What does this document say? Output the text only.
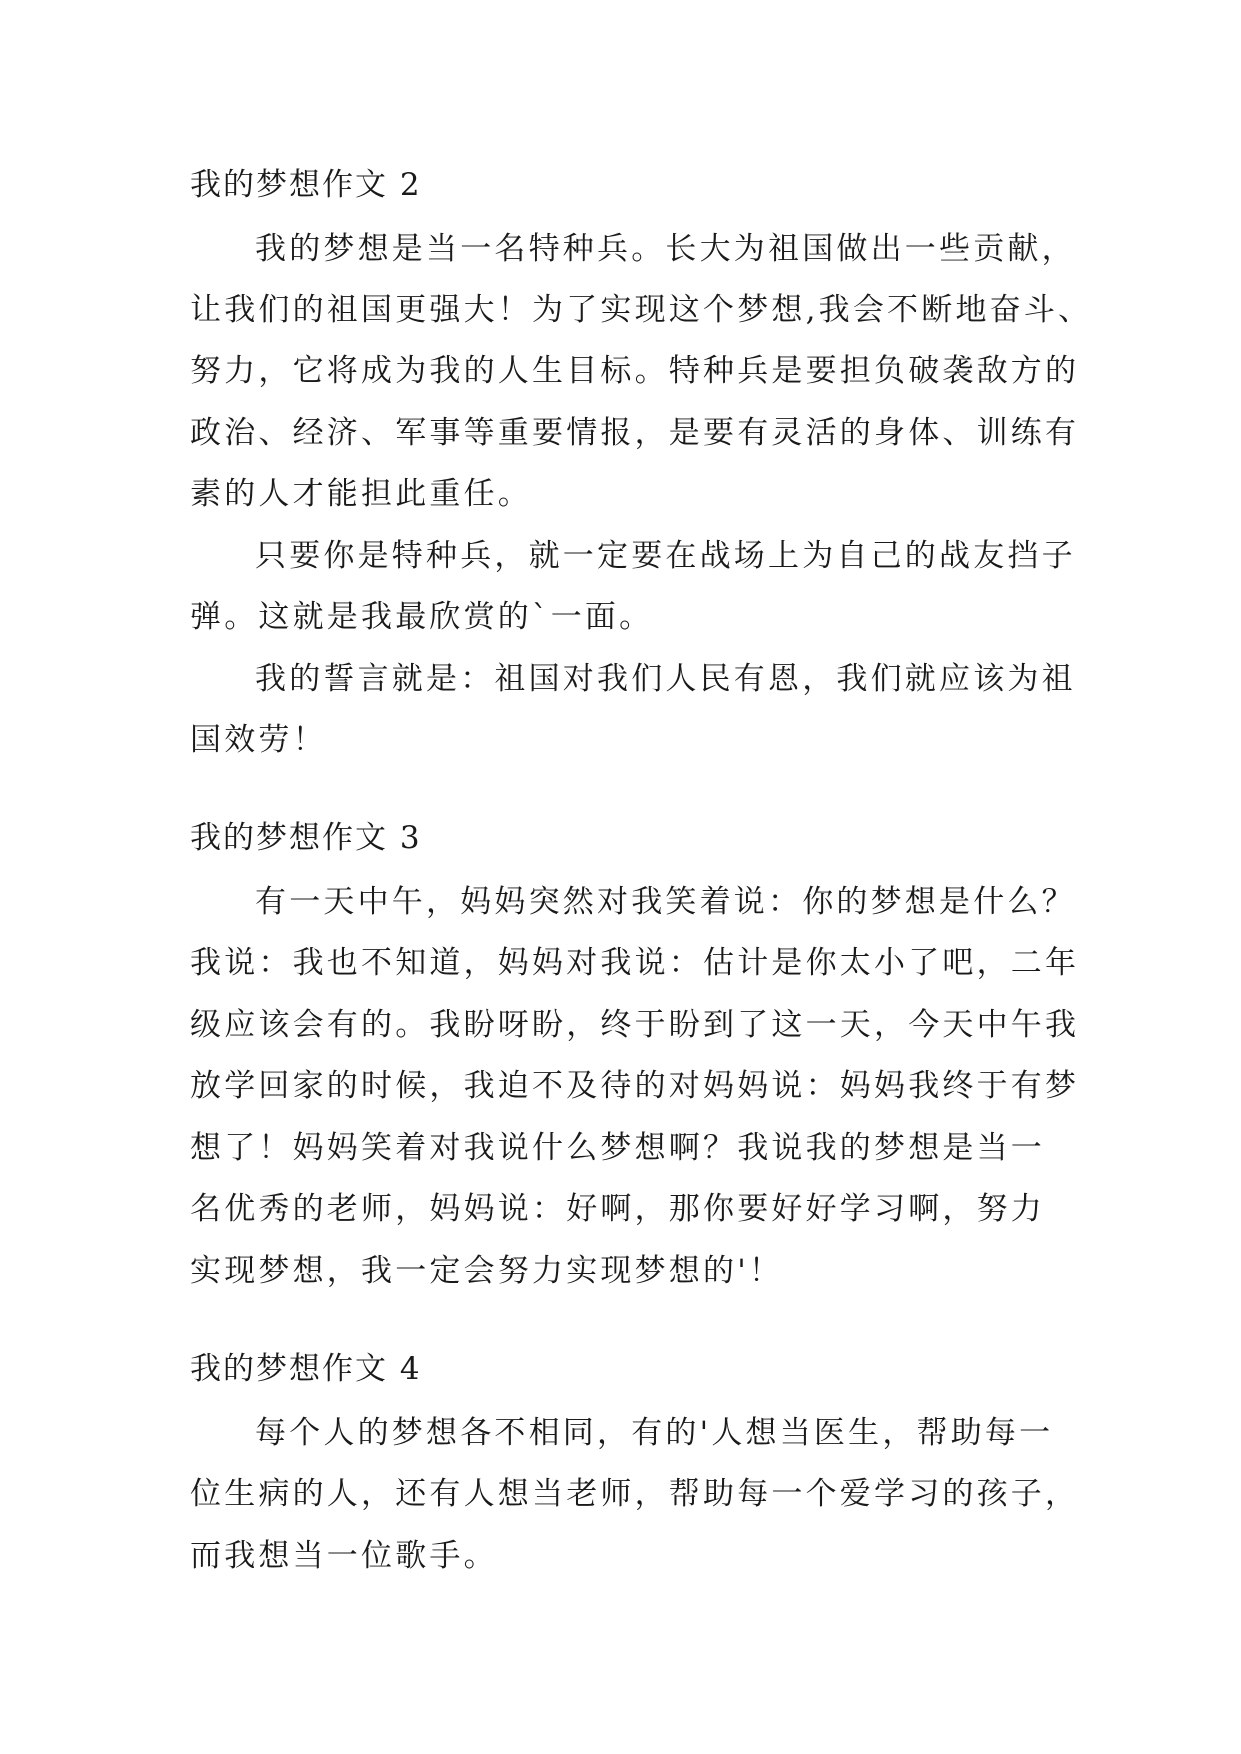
我的梦想作文 2
我的梦想是当一名特种兵。长大为祖国做出一些贡献，
让我们的祖国更强大！为了实现这个梦想,我会不断地奋斗、
努力，它将成为我的人生目标。特种兵是要担负破袭敌方的
政治、经济、军事等重要情报，是要有灵活的身体、训练有
素的人才能担此重任。
只要你是特种兵，就一定要在战场上为自己的战友挡子
弹。这就是我最欣赏的`一面。
我的誓言就是：祖国对我们人民有恩，我们就应该为祖
国效劳！
我的梦想作文 3
有一天中午，妈妈突然对我笑着说：你的梦想是什么？
我说：我也不知道，妈妈对我说：估计是你太小了吧，二年
级应该会有的。我盼呀盼，终于盼到了这一天，今天中午我
放学回家的时候，我迫不及待的对妈妈说：妈妈我终于有梦
想了！妈妈笑着对我说什么梦想啊？我说我的梦想是当一
名优秀的老师，妈妈说：好啊，那你要好好学习啊，努力
实现梦想，我一定会努力实现梦想的'！
我的梦想作文 4
每个人的梦想各不相同，有的'人想当医生，帮助每一
位生病的人，还有人想当老师，帮助每一个爱学习的孩子，
而我想当一位歌手。
